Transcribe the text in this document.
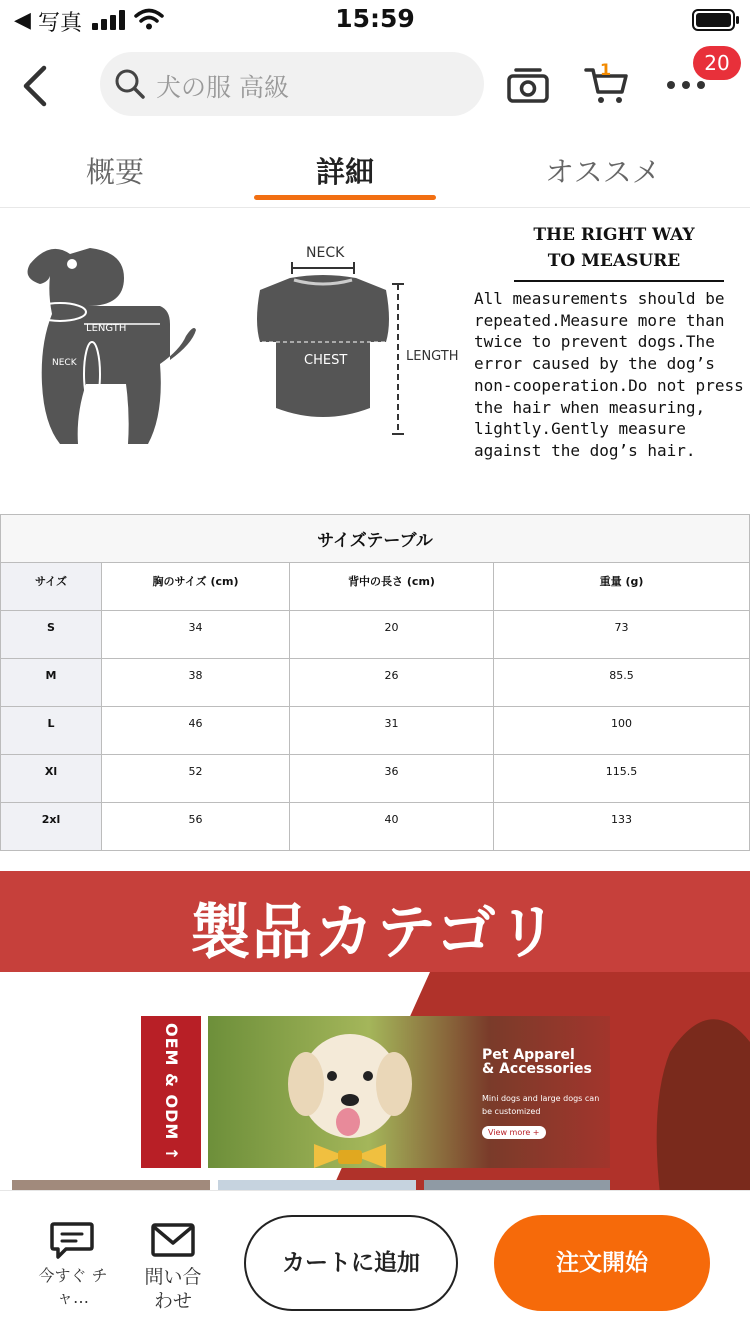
◀ 写真	15:59
犬の服 高級
1	20
概要	詳細	オススメ
LENGTH
NECK
CHEST
NECK
CHEST	LENGTH
THE RIGHT WAY
TO MEASURE
All measurements should be repeated.Measure more than twice to prevent dogs.The error caused by the dog’s non-cooperation.Do not press the hair when measuring, lightly.Gently measure against the dog’s hair.
サイズテーブル			
サイズ	胸のサイズ (cm)	背中の長さ (cm)	重量 (g)
S	34	20	73
M	38	26	85.5
L	46	31	100
Xl	52	36	115.5
2xl	56	40	133
製品カテゴリ
OEM & ODM ↑	Pet Apparel
& Accessories
Mini dogs and large dogs can be customized
View more +
今すぐ チャ…
問い合 わせ
カートに追加	注文開始
